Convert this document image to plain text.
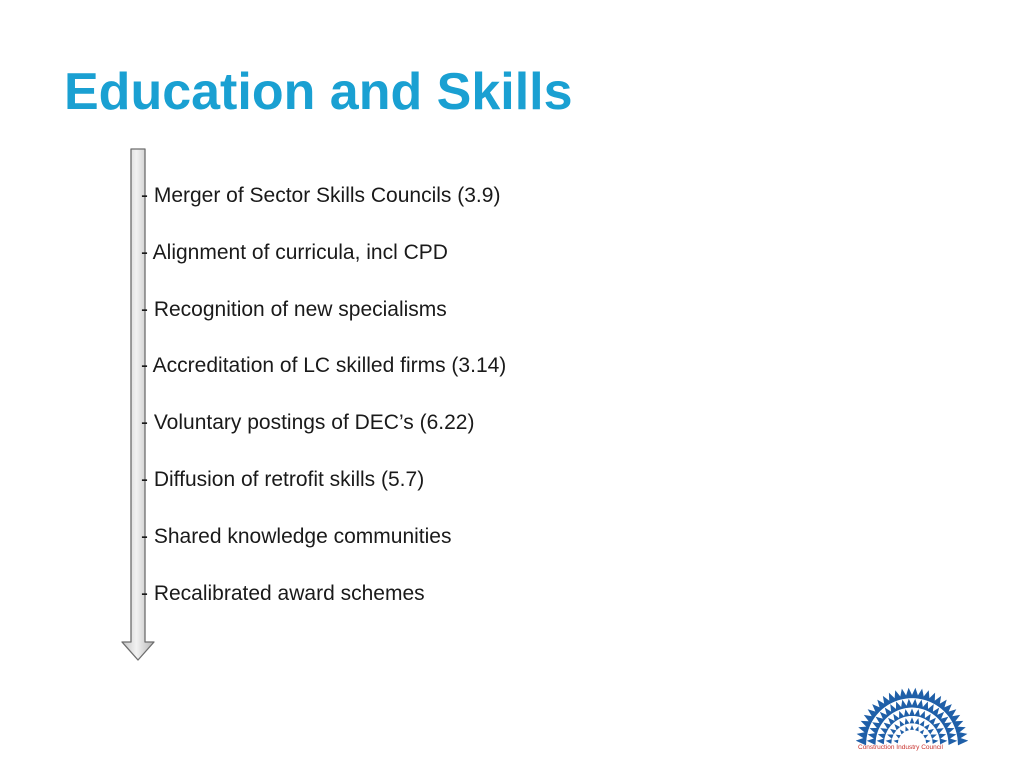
Education and Skills
- Merger of Sector Skills Councils (3.9)
- Alignment of curricula, incl CPD
- Recognition of new specialisms
- Accreditation of LC skilled firms (3.14)
- Voluntary postings of DEC’s (6.22)
- Diffusion of retrofit skills (5.7)
- Shared knowledge communities
- Recalibrated award schemes
Construction Industry Council
